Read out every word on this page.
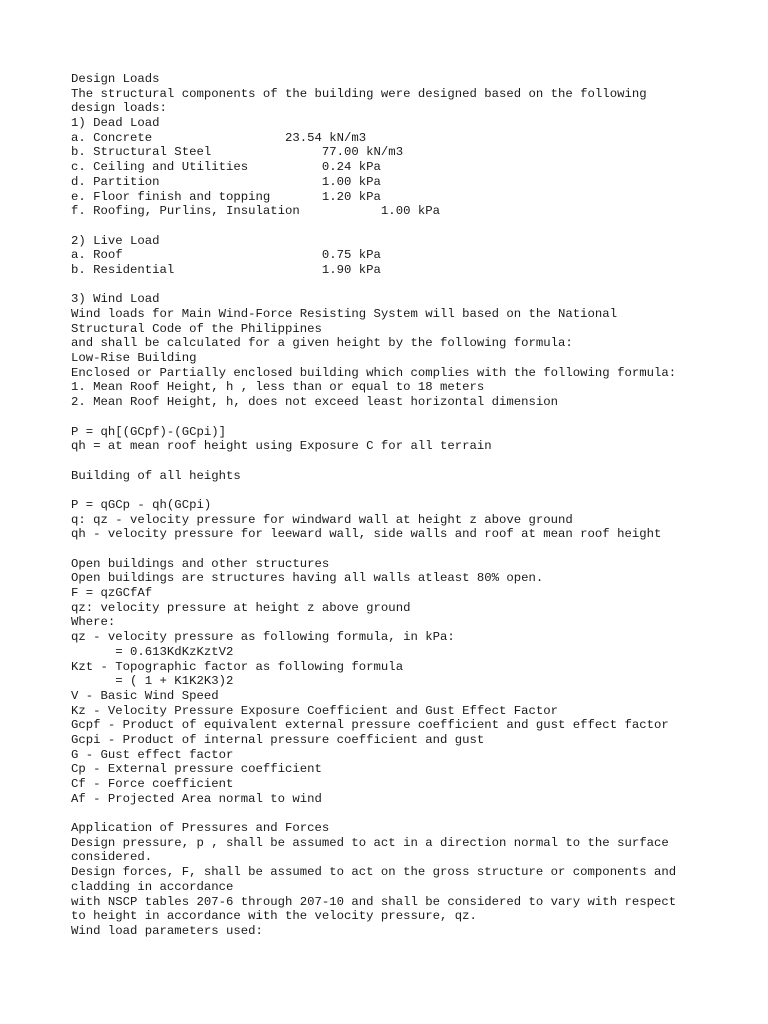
Design Loads
The structural components of the building were designed based on the following
design loads:
1) Dead Load
a. Concrete                  23.54 kN/m3
b. Structural Steel               77.00 kN/m3
c. Ceiling and Utilities          0.24 kPa
d. Partition                      1.00 kPa
e. Floor finish and topping       1.20 kPa
f. Roofing, Purlins, Insulation           1.00 kPa
2) Live Load
a. Roof                           0.75 kPa
b. Residential                    1.90 kPa
3) Wind Load
Wind loads for Main Wind-Force Resisting System will based on the National
Structural Code of the Philippines
and shall be calculated for a given height by the following formula:
Low-Rise Building
Enclosed or Partially enclosed building which complies with the following formula:
1. Mean Roof Height, h , less than or equal to 18 meters
2. Mean Roof Height, h, does not exceed least horizontal dimension
P = qh[(GCpf)-(GCpi)]
qh = at mean roof height using Exposure C for all terrain
Building of all heights
P = qGCp - qh(GCpi)
q: qz - velocity pressure for windward wall at height z above ground
qh - velocity pressure for leeward wall, side walls and roof at mean roof height
Open buildings and other structures
Open buildings are structures having all walls atleast 80% open.
F = qzGCfAf
qz: velocity pressure at height z above ground
Where:
qz - velocity pressure as following formula, in kPa:
= 0.613KdKzKztV2
Kzt - Topographic factor as following formula
= ( 1 + K1K2K3)2
V - Basic Wind Speed
Kz - Velocity Pressure Exposure Coefficient and Gust Effect Factor
Gcpf - Product of equivalent external pressure coefficient and gust effect factor
Gcpi - Product of internal pressure coefficient and gust
G - Gust effect factor
Cp - External pressure coefficient
Cf - Force coefficient
Af - Projected Area normal to wind
Application of Pressures and Forces
Design pressure, p , shall be assumed to act in a direction normal to the surface
considered.
Design forces, F, shall be assumed to act on the gross structure or components and
cladding in accordance
with NSCP tables 207-6 through 207-10 and shall be considered to vary with respect
to height in accordance with the velocity pressure, qz.
Wind load parameters used:
